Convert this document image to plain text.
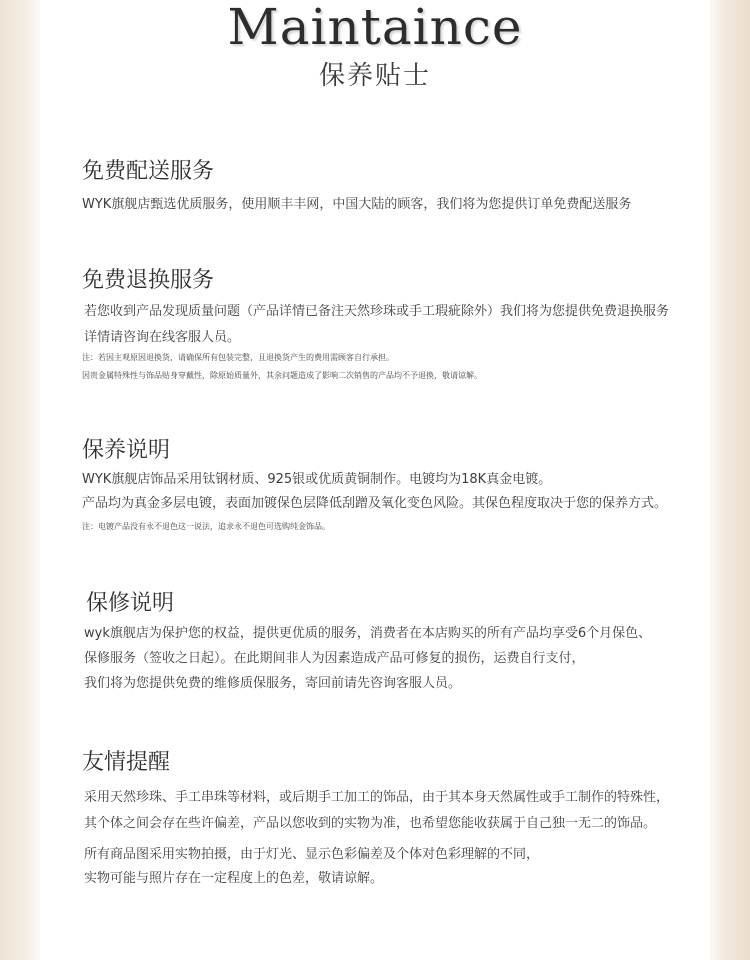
Maintaince
保养贴士
免费配送服务
WYK旗舰店甄选优质服务，使用顺丰丰网，中国大陆的顾客，我们将为您提供订单免费配送服务
免费退换服务
若您收到产品发现质量问题（产品详情已备注天然珍珠或手工瑕疵除外）我们将为您提供免费退换服务
详情请咨询在线客服人员。
注：若因主观原因退换货，请确保所有包装完整，且退换货产生的费用需顾客自行承担。
因贵金属特殊性与饰品贴身穿戴性，除原始质量外，其余问题造成了影响二次销售的产品均不予退换，敬请谅解。
保养说明
WYK旗舰店饰品采用钛钢材质、925银或优质黄铜制作。电镀均为18K真金电镀。
产品均为真金多层电镀，表面加镀保色层降低刮蹭及氧化变色风险。其保色程度取决于您的保养方式。
注：电镀产品没有永不退色这一说法，追求永不退色可选购纯金饰品。
保修说明
wyk旗舰店为保护您的权益，提供更优质的服务，消费者在本店购买的所有产品均享受6个月保色、
保修服务（签收之日起）。在此期间非人为因素造成产品可修复的损伤，运费自行支付，
我们将为您提供免费的维修质保服务，寄回前请先咨询客服人员。
友情提醒
采用天然珍珠、手工串珠等材料，或后期手工加工的饰品，由于其本身天然属性或手工制作的特殊性，
其个体之间会存在些许偏差，产品以您收到的实物为准，也希望您能收获属于自己独一无二的饰品。
所有商品图采用实物拍摄，由于灯光、显示色彩偏差及个体对色彩理解的不同，
实物可能与照片存在一定程度上的色差，敬请谅解。
